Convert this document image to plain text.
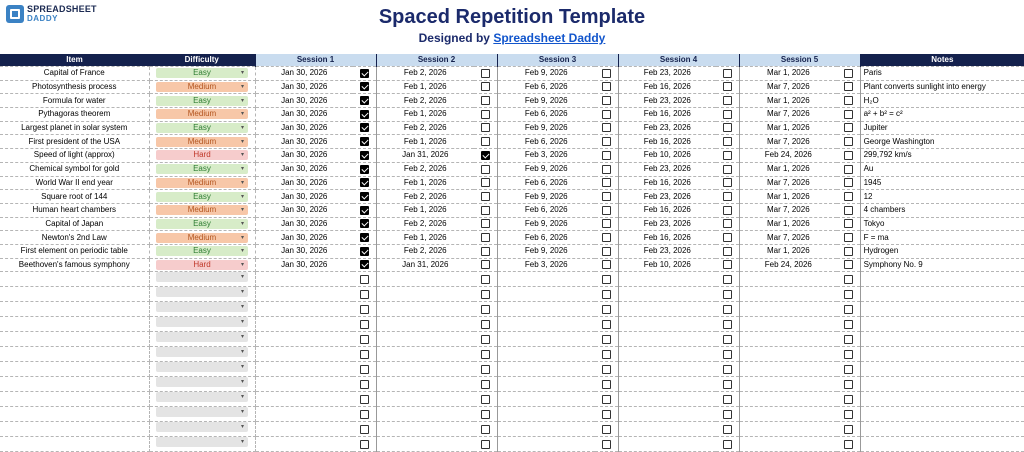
SPREADSHEET
DADDY	Spaced Repetition Template
Designed by Spreadsheet Daddy
Item	Difficulty	Session 1		Session 2		Session 3		Session 4		Session 5		Notes
Capital of France	Easy ▾	Jan 30, 2026		Feb 2, 2026		Feb 9, 2026		Feb 23, 2026		Mar 1, 2026		Paris
Photosynthesis process	Medium ▾	Jan 30, 2026		Feb 1, 2026		Feb 6, 2026		Feb 16, 2026		Mar 7, 2026		Plant converts sunlight into energy
Formula for water	Easy ▾	Jan 30, 2026		Feb 2, 2026		Feb 9, 2026		Feb 23, 2026		Mar 1, 2026		H₂O
Pythagoras theorem	Medium ▾	Jan 30, 2026		Feb 1, 2026		Feb 6, 2026		Feb 16, 2026		Mar 7, 2026		a² + b² = c²
Largest planet in solar system	Easy ▾	Jan 30, 2026		Feb 2, 2026		Feb 9, 2026		Feb 23, 2026		Mar 1, 2026		Jupiter
First president of the USA	Medium ▾	Jan 30, 2026		Feb 1, 2026		Feb 6, 2026		Feb 16, 2026		Mar 7, 2026		George Washington
Speed of light (approx)	Hard ▾	Jan 30, 2026		Jan 31, 2026		Feb 3, 2026		Feb 10, 2026		Feb 24, 2026		299,792 km/s
Chemical symbol for gold	Easy ▾	Jan 30, 2026		Feb 2, 2026		Feb 9, 2026		Feb 23, 2026		Mar 1, 2026		Au
World War II end year	Medium ▾	Jan 30, 2026		Feb 1, 2026		Feb 6, 2026		Feb 16, 2026		Mar 7, 2026		1945
Square root of 144	Easy ▾	Jan 30, 2026		Feb 2, 2026		Feb 9, 2026		Feb 23, 2026		Mar 1, 2026		12
Human heart chambers	Medium ▾	Jan 30, 2026		Feb 1, 2026		Feb 6, 2026		Feb 16, 2026		Mar 7, 2026		4 chambers
Capital of Japan	Easy ▾	Jan 30, 2026		Feb 2, 2026		Feb 9, 2026		Feb 23, 2026		Mar 1, 2026		Tokyo
Newton's 2nd Law	Medium ▾	Jan 30, 2026		Feb 1, 2026		Feb 6, 2026		Feb 16, 2026		Mar 7, 2026		F = ma
First element on periodic table	Easy ▾	Jan 30, 2026		Feb 2, 2026		Feb 9, 2026		Feb 23, 2026		Mar 1, 2026		Hydrogen
Beethoven's famous symphony	Hard ▾	Jan 30, 2026		Jan 31, 2026		Feb 3, 2026		Feb 10, 2026		Feb 24, 2026		Symphony No. 9
	▾											
	▾											
	▾											
	▾											
	▾											
	▾											
	▾											
	▾											
	▾											
	▾											
	▾											
	▾											
